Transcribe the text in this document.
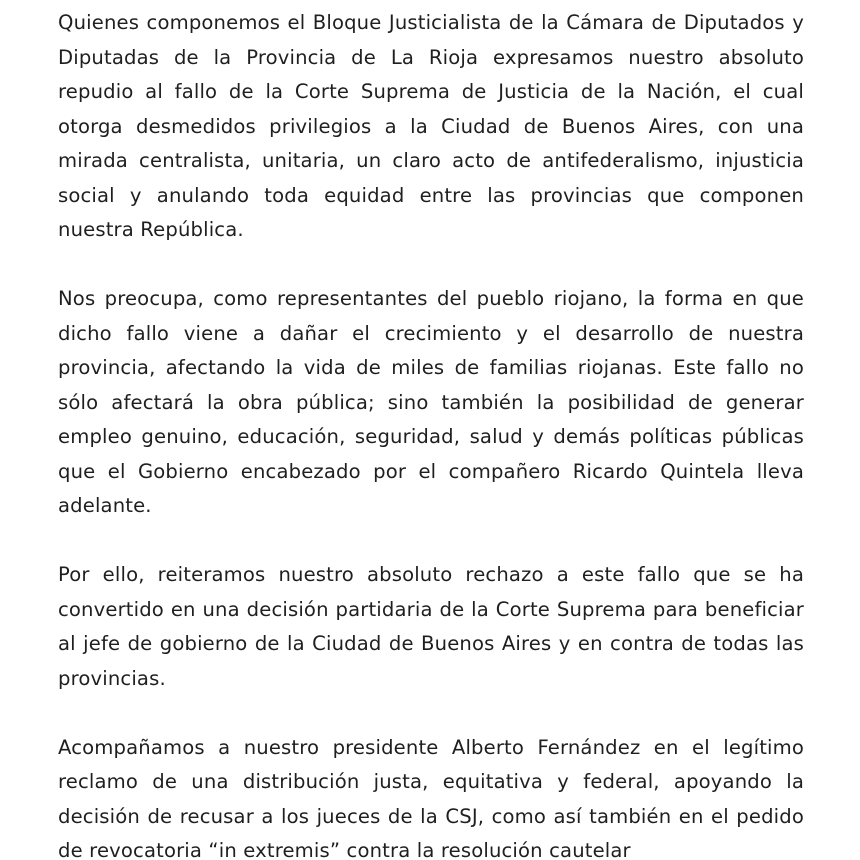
Quienes componemos el Bloque Justicialista de la Cámara de Diputados y Diputadas de la Provincia de La Rioja expresamos nuestro absoluto repudio al fallo de la Corte Suprema de Justicia de la Nación, el cual otorga desmedidos privilegios a la Ciudad de Buenos Aires, con una mirada centralista, unitaria, un claro acto de antifederalismo, injusticia social y anulando toda equidad entre las provincias que componen nuestra República.

Nos preocupa, como representantes del pueblo riojano, la forma en que dicho fallo viene a dañar el crecimiento y el desarrollo de nuestra provincia, afectando la vida de miles de familias riojanas. Este fallo no sólo afectará la obra pública; sino también la posibilidad de generar empleo genuino, educación, seguridad, salud y demás políticas públicas que el Gobierno encabezado por el compañero Ricardo Quintela lleva adelante.

Por ello, reiteramos nuestro absoluto rechazo a este fallo que se ha convertido en una decisión partidaria de la Corte Suprema para beneficiar al jefe de gobierno de la Ciudad de Buenos Aires y en contra de todas las provincias.

Acompañamos a nuestro presidente Alberto Fernández en el legítimo reclamo de una distribución justa, equitativa y federal, apoyando la decisión de recusar a los jueces de la CSJ, como así también en el pedido de revocatoria “in extremis” contra la resolución cautelar
